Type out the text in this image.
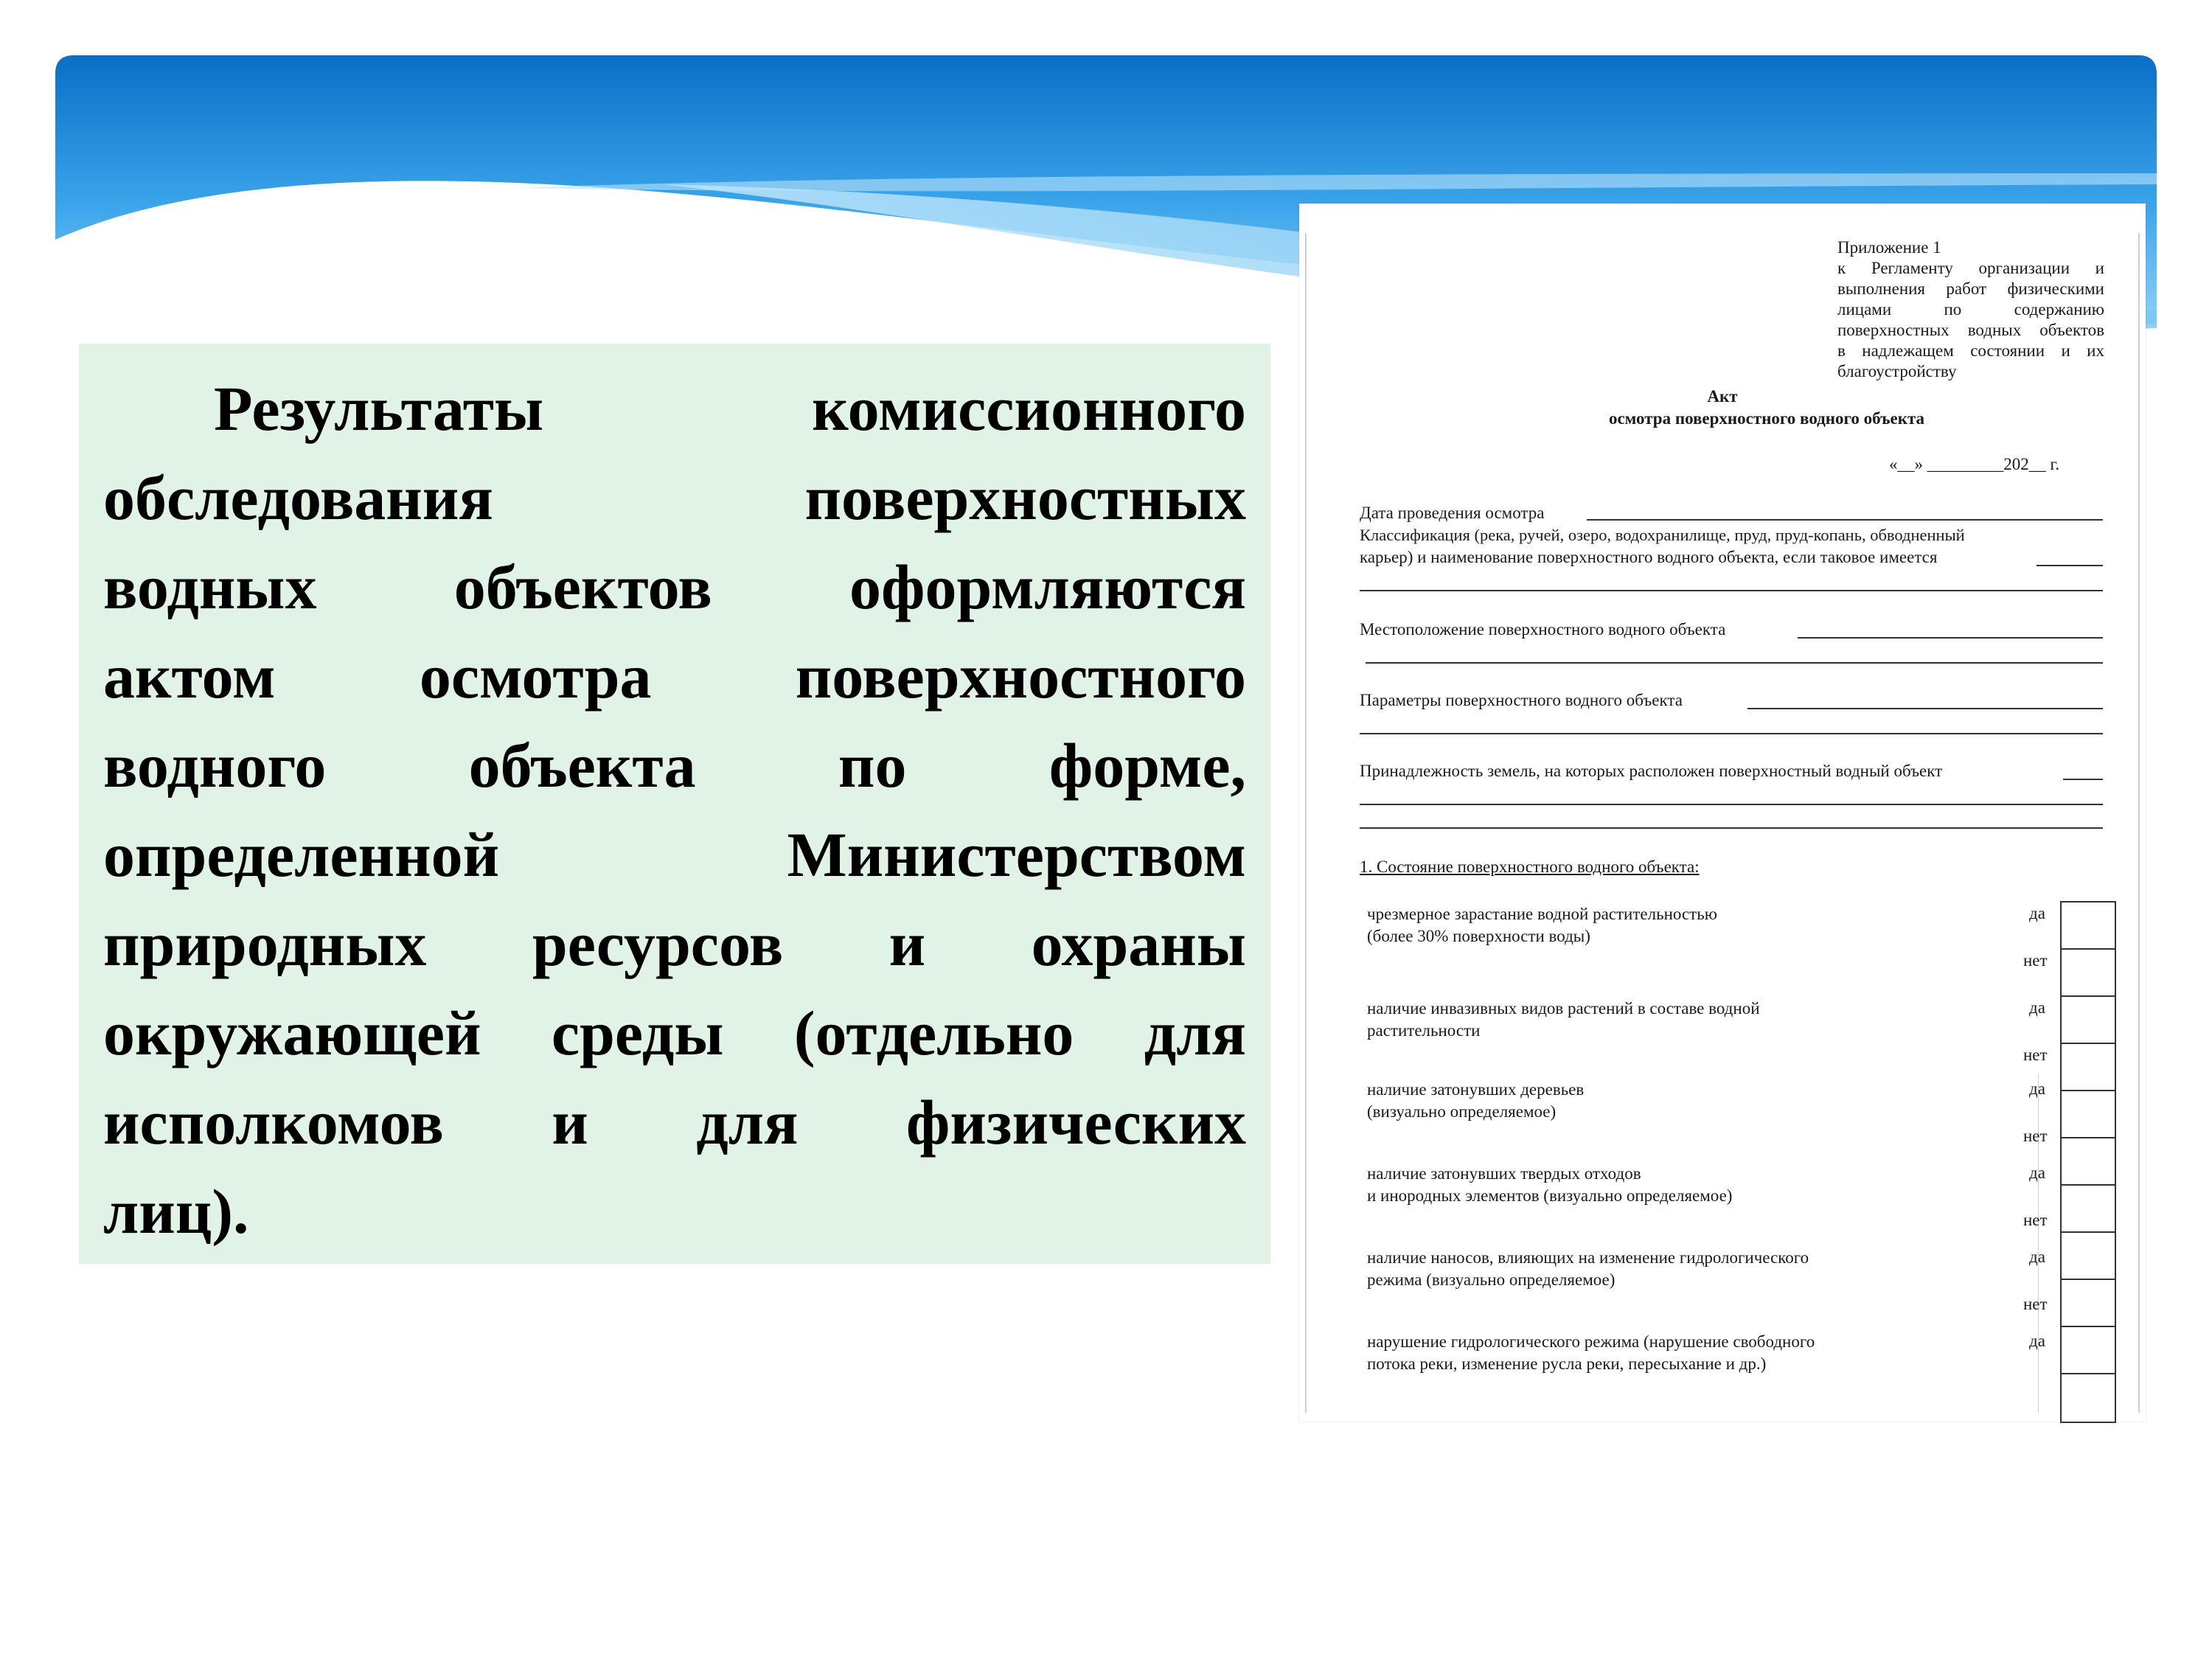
Результаты комиссионного
обследования поверхностных
водных объектов оформляются
актом осмотра поверхностного
водного объекта по форме,
определенной Министерством
природных ресурсов и охраны
окружающей среды (отдельно для
исполкомов и для физических
лиц).

Приложение 1
к Регламенту организации и
выполнения работ физическими
лицами по содержанию
поверхностных водных объектов
в надлежащем состоянии и их
благоустройству
Акт
осмотра поверхностного водного объекта
«__» _________202__ г.
Дата проведения осмотра
Классификация (река, ручей, озеро, водохранилище, пруд, пруд-копань, обводненный
карьер) и наименование поверхностного водного объекта, если таковое имеется
Местоположение поверхностного водного объекта
Параметры поверхностного водного объекта
Принадлежность земель, на которых расположен поверхностный водный объект
1. Состояние поверхностного водного объекта:
чрезмерное зарастание водной растительностью
(более 30% поверхности воды)
наличие инвазивных видов растений в составе водной
растительности
наличие затонувших деревьев
(визуально определяемое)
наличие затонувших твердых отходов
и инородных элементов (визуально определяемое)
наличие наносов, влияющих на изменение гидрологического
режима (визуально определяемое)
нарушение гидрологического режима (нарушение свободного
потока реки, изменение русла реки, пересыхание и др.)
да
нет
да
нет
да
нет
да
нет
да
нет
да
